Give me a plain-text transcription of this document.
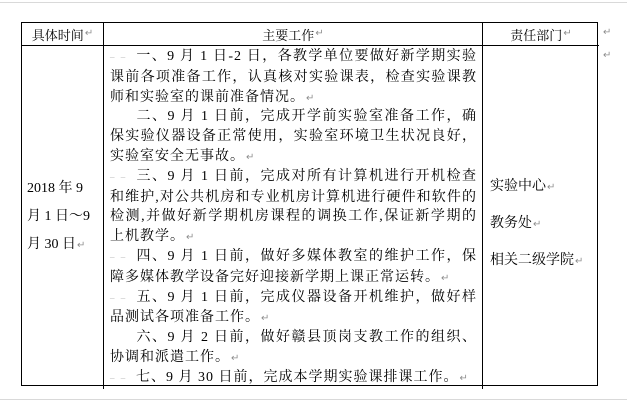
具体时间 ↵	主要工作 ↵	责任部门 ↵
2018 年 9 月 1 日～9 月 30 日↵

– – 一、9 月 1 日-2 日，各教学单位要做好新学期实验课前各项准备工作，认真核对实验课表，检查实验课教师和实验室的课前准备情况。↵

二、9 月 1 日前，完成开学前实验室准备工作，确保实验仪器设备正常使用，实验室环境卫生状况良好，实验室安全无事故。↵

– – 三、9 月 1 日前，完成对所有计算机进行开机检查和维护,对公共机房和专业机房计算机进行硬件和软件的检测,并做好新学期机房课程的调换工作,保证新学期的上机教学。↵

– – 四、9 月 1 日前，做好多媒体教室的维护工作，保障多媒体教学设备完好迎接新学期上课正常运转。↵

– – 五、9 月 1 日前，完成仪器设备开机维护，做好样品测试各项准备工作。↵

六、9 月 2 日前，做好赣县顶岗支教工作的组织、协调和派遣工作。↵

– – 七、9 月 30 日前，完成本学期实验课排课工作。↵

实验中心↵
教务处↵
相关二级学院↵
↵
↵
